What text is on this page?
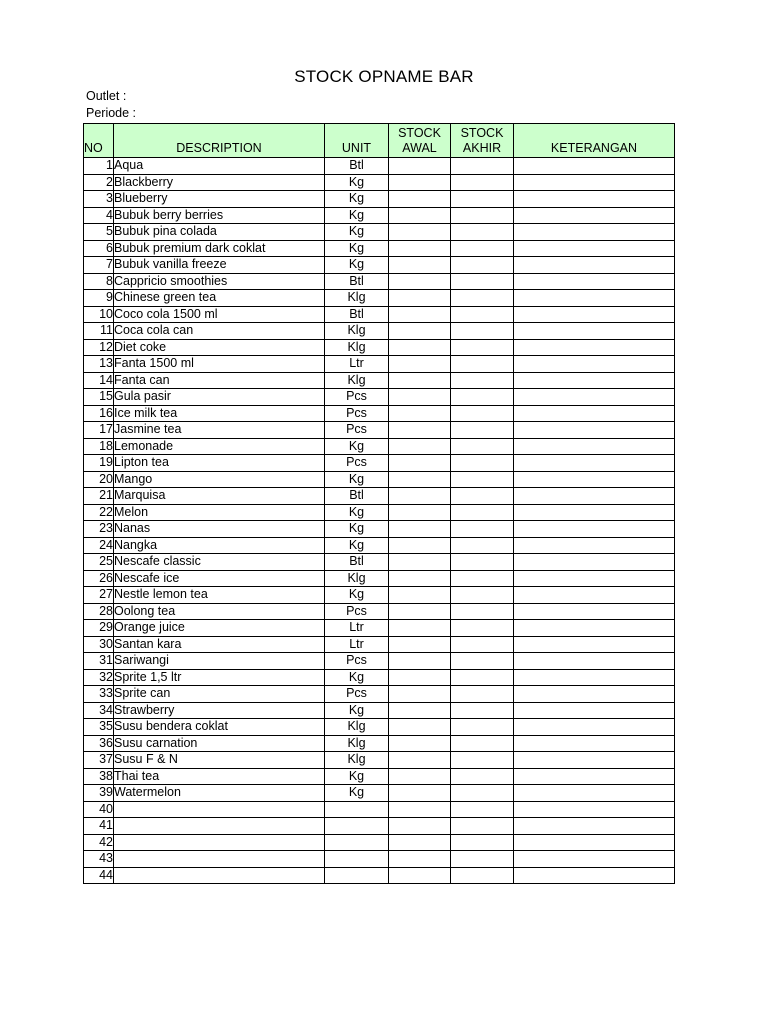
STOCK OPNAME BAR
Outlet :
Periode :
NO	DESCRIPTION	UNIT	STOCK AWAL	STOCK AKHIR	KETERANGAN
1	Aqua	Btl			
2	Blackberry	Kg			
3	Blueberry	Kg			
4	Bubuk berry berries	Kg			
5	Bubuk pina colada	Kg			
6	Bubuk premium dark coklat	Kg			
7	Bubuk vanilla freeze	Kg			
8	Cappricio smoothies	Btl			
9	Chinese green tea	Klg			
10	Coco cola 1500 ml	Btl			
11	Coca cola can	Klg			
12	Diet coke	Klg			
13	Fanta 1500 ml	Ltr			
14	Fanta can	Klg			
15	Gula pasir	Pcs			
16	Ice milk tea	Pcs			
17	Jasmine tea	Pcs			
18	Lemonade	Kg			
19	Lipton tea	Pcs			
20	Mango	Kg			
21	Marquisa	Btl			
22	Melon	Kg			
23	Nanas	Kg			
24	Nangka	Kg			
25	Nescafe classic	Btl			
26	Nescafe ice	Klg			
27	Nestle lemon tea	Kg			
28	Oolong tea	Pcs			
29	Orange juice	Ltr			
30	Santan kara	Ltr			
31	Sariwangi	Pcs			
32	Sprite 1,5 ltr	Kg			
33	Sprite can	Pcs			
34	Strawberry	Kg			
35	Susu bendera coklat	Klg			
36	Susu carnation	Klg			
37	Susu F & N	Klg			
38	Thai tea	Kg			
39	Watermelon	Kg			
40					
41					
42					
43					
44					
